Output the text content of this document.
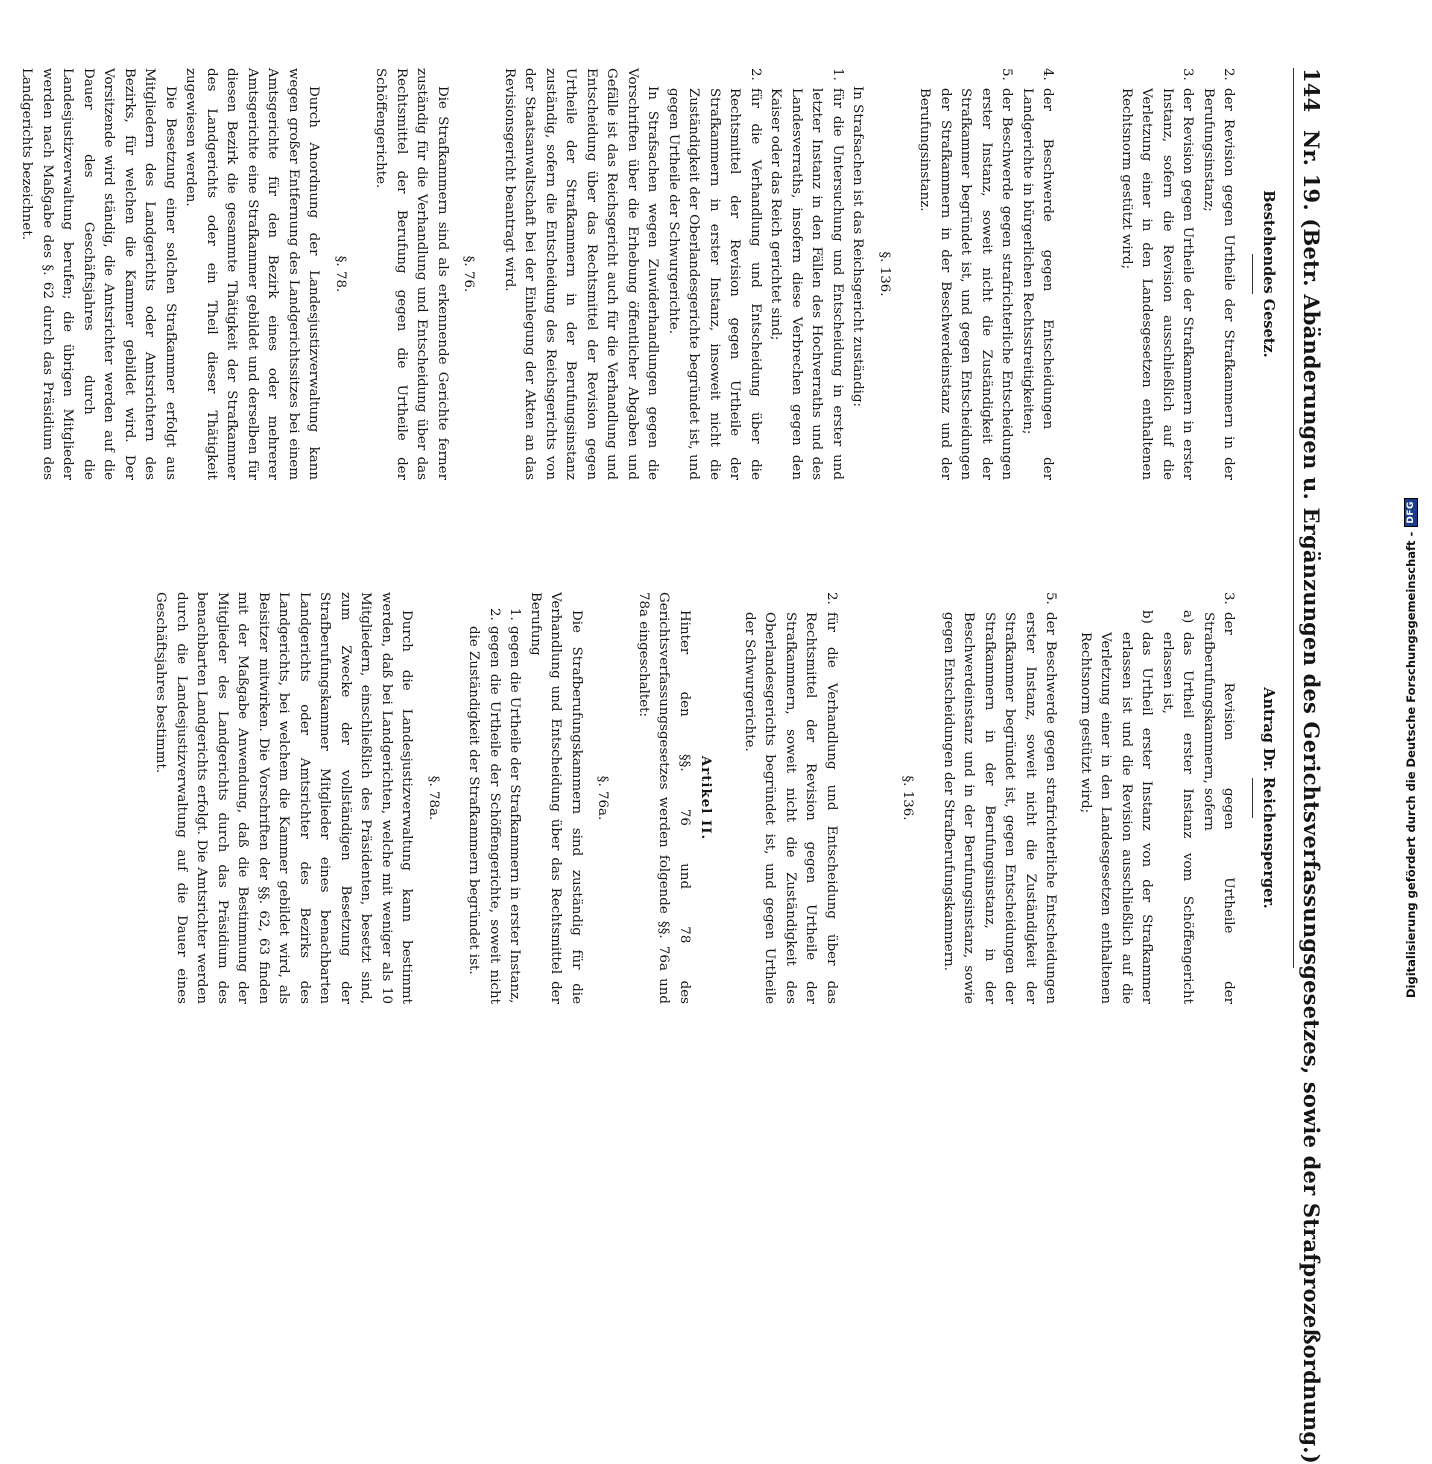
144 Nr. 19. (Betr. Abänderungen u. Ergänzungen des Gerichtsverfassungsgesetzes, sowie der Strafprozeßordnung.)
Bestehendes Gesetz.
2.
der Revision gegen Urtheile der Strafkammern in der Berufungsinstanz;
3.
der Revision gegen Urtheile der Strafkammern in erster Instanz, sofern die Revision ausschließlich auf die Verletzung einer in den Landesgesetzen enthaltenen Rechtsnorm gestützt wird;
4.
der Beschwerde gegen Entscheidungen der Landgerichte in bürgerlichen Rechtsstreitigkeiten;
5.
der Beschwerde gegen strafrichterliche Entscheidungen erster Instanz, soweit nicht die Zuständigkeit der Strafkammer begründet ist, und gegen Entscheidungen der Strafkammern in der Beschwerdeinstanz und der Berufungsinstanz.
§. 136.

In Strafsachen ist das Reichsgericht zuständig:

1.
für die Untersuchung und Entscheidung in erster und letzter Instanz in den Fällen des Hochverraths und des Landesverraths, insofern diese Verbrechen gegen den Kaiser oder das Reich gerichtet sind;
2.
für die Verhandlung und Entscheidung über die Rechtsmittel der Revision gegen Urtheile der Strafkammern in erster Instanz, insoweit nicht die Zuständigkeit der Oberlandesgerichte begründet ist, und gegen Urtheile der Schwurgerichte.

In Strafsachen wegen Zuwiderhandlungen gegen die Vorschriften über die Erhebung öffentlicher Abgaben und Gefälle ist das Reichsgericht auch für die Verhandlung und Entscheidung über das Rechtsmittel der Revision gegen Urtheile der Strafkammern in der Berufungsinstanz zuständig, sofern die Entscheidung des Reichsgerichts von der Staatsanwaltschaft bei der Einlegung der Akten an das Revisionsgericht beantragt wird.

§. 76.

Die Strafkammern sind als erkennende Gerichte ferner zuständig für die Verhandlung und Entscheidung über das Rechtsmittel der Berufung gegen die Urtheile der Schöffengerichte.

§. 78.

Durch Anordnung der Landesjustizverwaltung kann wegen großer Entfernung des Landgerichtssitzes bei einem Amtsgerichte für den Bezirk eines oder mehrerer Amtsgerichte eine Strafkammer gebildet und derselben für diesen Bezirk die gesammte Thätigkeit der Strafkammer des Landgerichts oder ein Theil dieser Thätigkeit zugewiesen werden.

Die Besetzung einer solchen Strafkammer erfolgt aus Mitgliedern des Landgerichts oder Amtsrichtern des Bezirks, für welchen die Kammer gebildet wird. Der Vorsitzende wird ständig, die Amtsrichter werden auf die Dauer des Geschäftsjahres durch die Landesjustizverwaltung berufen; die übrigen Mitglieder werden nach Maßgabe des §. 62 durch das Präsidium des Landgerichts bezeichnet.

Antrag Dr. Reichensperger.
3.
der Revision gegen Urtheile der Strafberufungskammern, sofern
a)
das Urtheil erster Instanz vom Schöffengericht erlassen ist,
b)
das Urtheil erster Instanz von der Strafkammer erlassen ist und die Revision ausschließlich auf die Verletzung einer in den Landesgesetzen enthaltenen Rechtsnorm gestützt wird;
5.
der Beschwerde gegen strafrichterliche Entscheidungen erster Instanz, soweit nicht die Zuständigkeit der Strafkammer begründet ist, gegen Entscheidungen der Strafkammern in der Berufungsinstanz, in der Beschwerdeinstanz und in der Berufungsinstanz, sowie gegen Entscheidungen der Strafberufungskammern.
§. 136.
2.
für die Verhandlung und Entscheidung über das Rechtsmittel der Revision gegen Urtheile der Strafkammern, soweit nicht die Zuständigkeit des Oberlandesgerichts begründet ist, und gegen Urtheile der Schwurgerichte.
Artikel II.

Hinter den §§. 76 und 78 des Gerichtsverfassungsgesetzes werden folgende §§. 76a und 78a eingeschaltet:

§. 76a.

Die Strafberufungskammern sind zuständig für die Verhandlung und Entscheidung über das Rechtsmittel der Berufung

1.
gegen die Urtheile der Strafkammern in erster Instanz,
2.
gegen die Urtheile der Schöffengerichte, soweit nicht die Zuständigkeit der Strafkammern begründet ist.
§. 78a.

Durch die Landesjustizverwaltung kann bestimmt werden, daß bei Landgerichten, welche mit weniger als 10 Mitgliedern, einschließlich des Präsidenten, besetzt sind, zum Zwecke der vollständigen Besetzung der Strafberufungskammer Mitglieder eines benachbarten Landgerichts oder Amtsrichter des Bezirks des Landgerichts, bei welchem die Kammer gebildet wird, als Beisitzer mitwirken. Die Vorschriften der §§. 62, 63 finden mit der Maßgabe Anwendung, daß die Bestimmung der Mitglieder des Landgerichts durch das Präsidium des benachbarten Landgerichts erfolgt. Die Amtsrichter werden durch die Landesjustizverwaltung auf die Dauer eines Geschäftsjahres bestimmt.	Digitalisierung gefördert durch die Deutsche Forschungsgemeinschaft -
DFG
